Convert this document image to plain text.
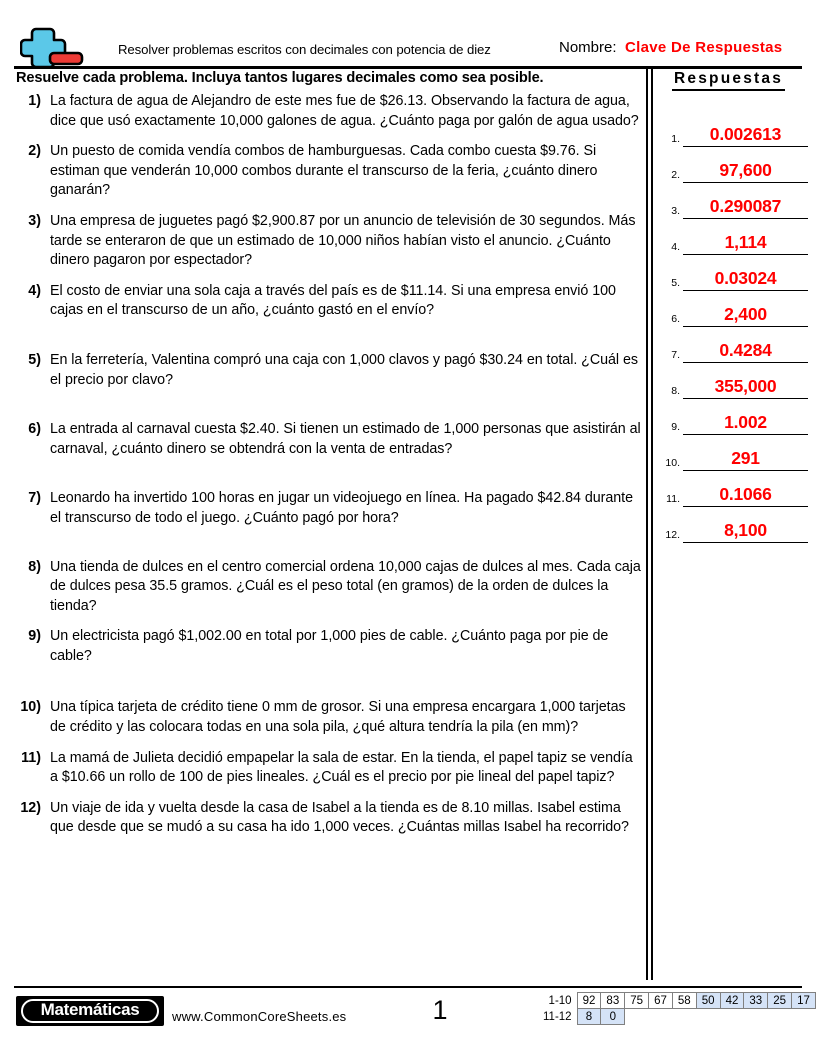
Resolver problemas escritos con decimales con potencia de diez	Nombre: Clave De Respuestas
Resuelve cada problema. Incluya tantos lugares decimales como sea posible.
1) La factura de agua de Alejandro de este mes fue de $26.13. Observando la factura de agua, dice que usó exactamente 10,000 galones de agua. ¿Cuánto paga por galón de agua usado?
2) Un puesto de comida vendía combos de hamburguesas. Cada combo cuesta $9.76. Si estiman que venderán 10,000 combos durante el transcurso de la feria, ¿cuánto dinero ganarán?
3) Una empresa de juguetes pagó $2,900.87 por un anuncio de televisión de 30 segundos. Más tarde se enteraron de que un estimado de 10,000 niños habían visto el anuncio. ¿Cuánto dinero pagaron por espectador?
4) El costo de enviar una sola caja a través del país es de $11.14. Si una empresa envió 100 cajas en el transcurso de un año, ¿cuánto gastó en el envío?
5) En la ferretería, Valentina compró una caja con 1,000 clavos y pagó $30.24 en total. ¿Cuál es el precio por clavo?
6) La entrada al carnaval cuesta $2.40. Si tienen un estimado de 1,000 personas que asistirán al carnaval, ¿cuánto dinero se obtendrá con la venta de entradas?
7) Leonardo ha invertido 100 horas en jugar un videojuego en línea. Ha pagado $42.84 durante el transcurso de todo el juego. ¿Cuánto pagó por hora?
8) Una tienda de dulces en el centro comercial ordena 10,000 cajas de dulces al mes. Cada caja de dulces pesa 35.5 gramos. ¿Cuál es el peso total (en gramos) de la orden de dulces la tienda?
9) Un electricista pagó $1,002.00 en total por 1,000 pies de cable. ¿Cuánto paga por pie de cable?
10) Una típica tarjeta de crédito tiene 0 mm de grosor. Si una empresa encargara 1,000 tarjetas de crédito y las colocara todas en una sola pila, ¿qué altura tendría la pila (en mm)?
11) La mamá de Julieta decidió empapelar la sala de estar. En la tienda, el papel tapiz se vendía a $10.66 un rollo de 100 de pies lineales. ¿Cuál es el precio por pie lineal del papel tapiz?
12) Un viaje de ida y vuelta desde la casa de Isabel a la tienda es de 8.10 millas. Isabel estima que desde que se mudó a su casa ha ido 1,000 veces. ¿Cuántas millas Isabel ha recorrido?
Respuestas
1.	0.002613
2.	97,600
3.	0.290087
4.	1,114
5.	0.03024
6.	2,400
7.	0.4284
8.	355,000
9.	1.002
10.	291
11.	0.1066
12.	8,100
Matemáticas	www.CommonCoreSheets.es	1	1-10	92	83	75	67	58	50	42	33	25	17
11-12	8	0								
